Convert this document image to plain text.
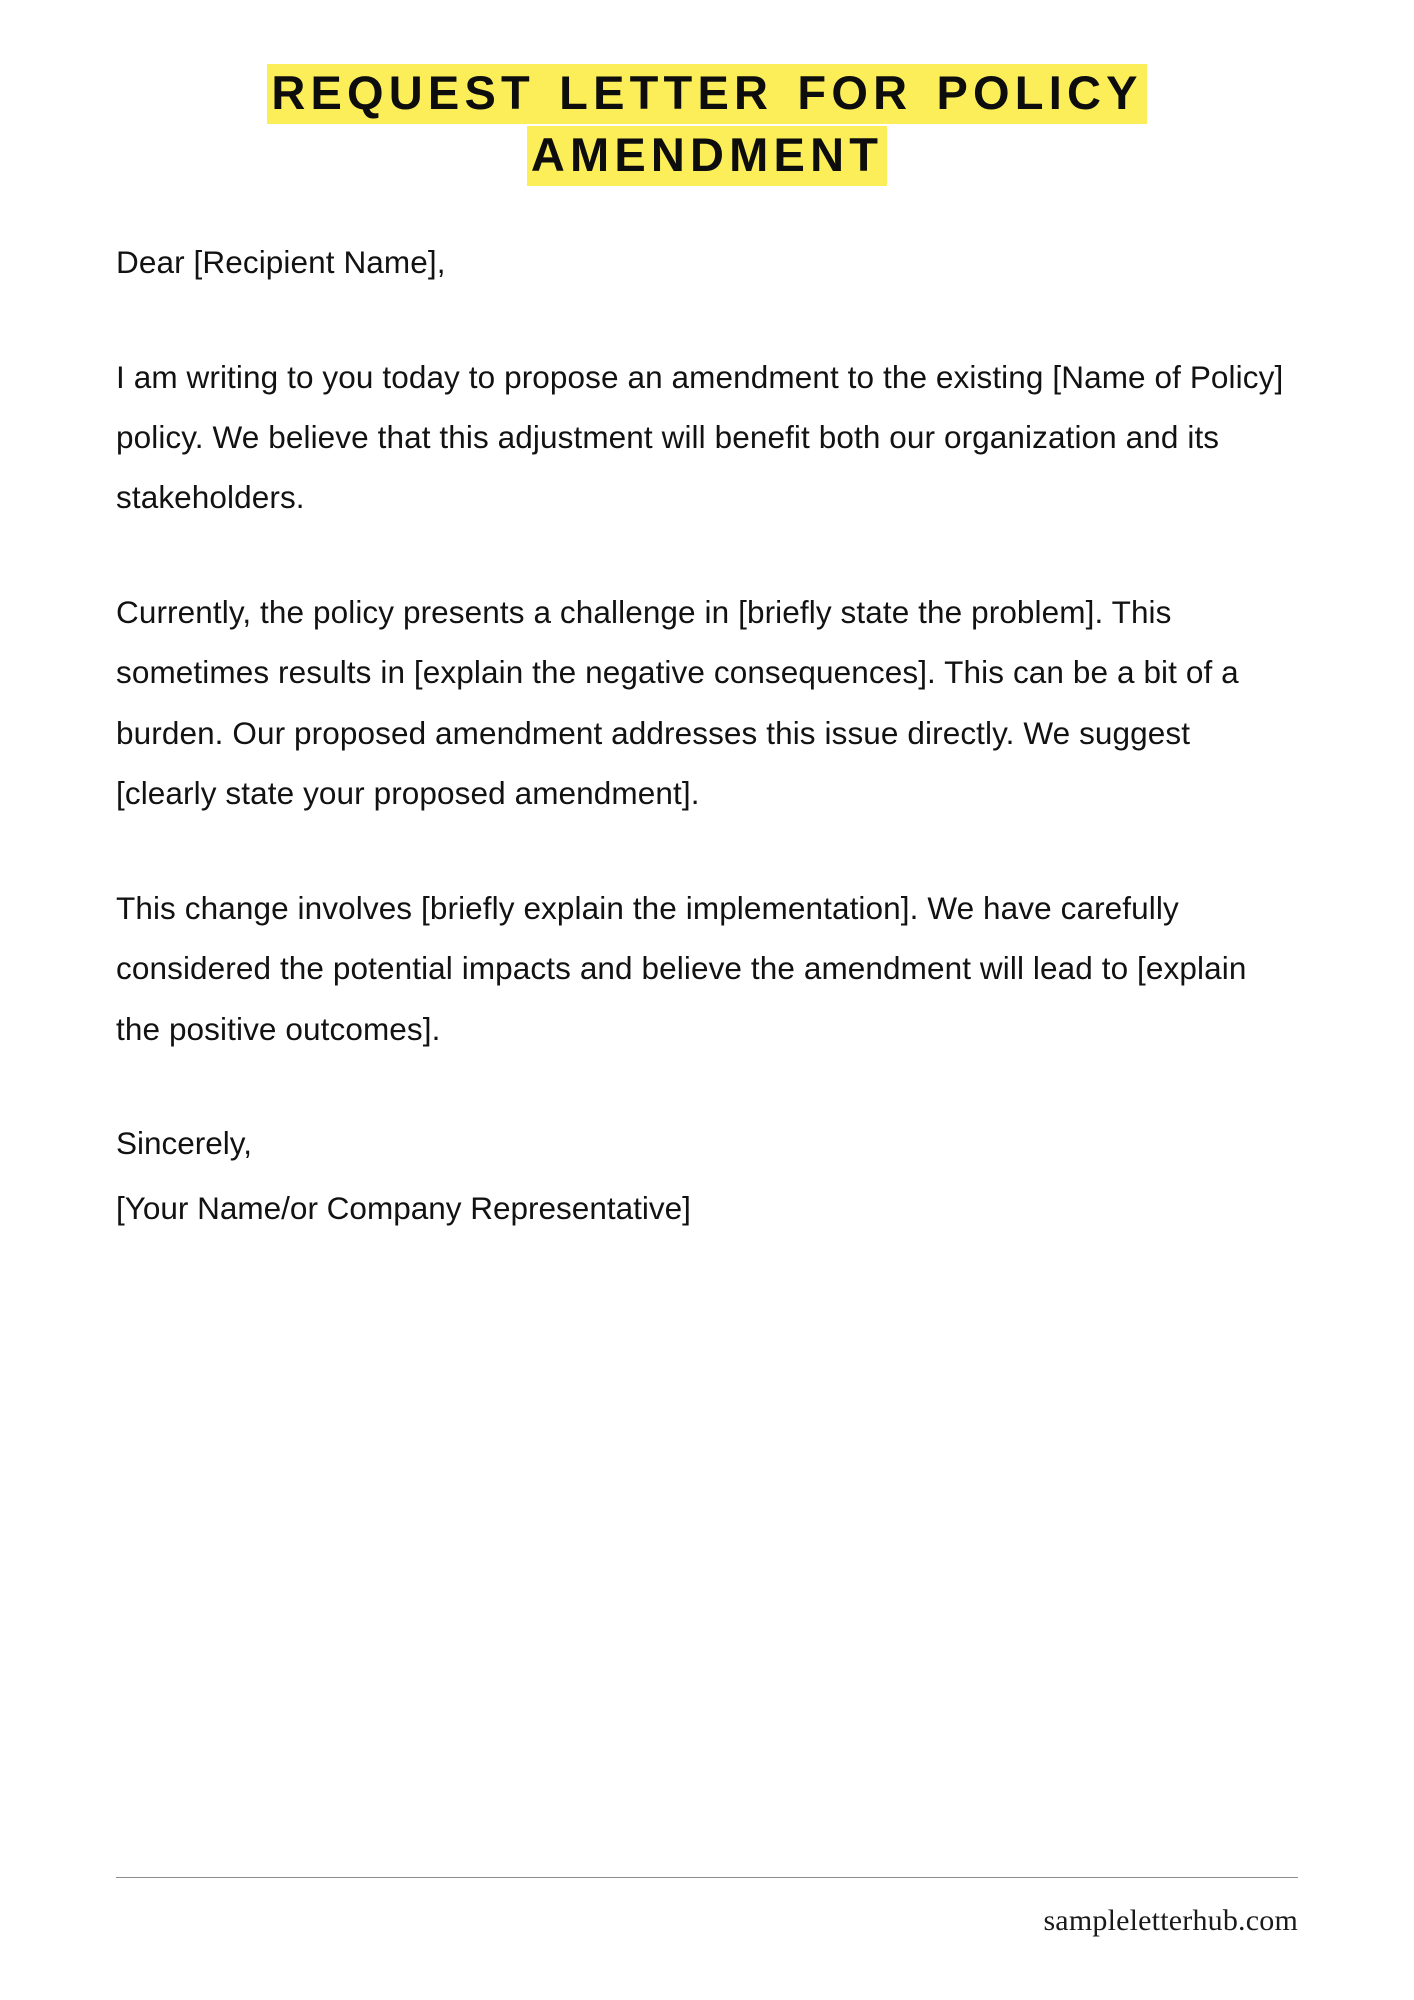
REQUEST LETTER FOR POLICY
AMENDMENT

Dear [Recipient Name],

I am writing to you today to propose an amendment to the existing [Name of Policy] policy. We believe that this adjustment will benefit both our organization and its stakeholders.

Currently, the policy presents a challenge in [briefly state the problem]. This sometimes results in [explain the negative consequences]. This can be a bit of a burden. Our proposed amendment addresses this issue directly. We suggest [clearly state your proposed amendment].

This change involves [briefly explain the implementation]. We have carefully considered the potential impacts and believe the amendment will lead to [explain the positive outcomes].

Sincerely,

[Your Name/or Company Representative]

sampleletterhub.com
